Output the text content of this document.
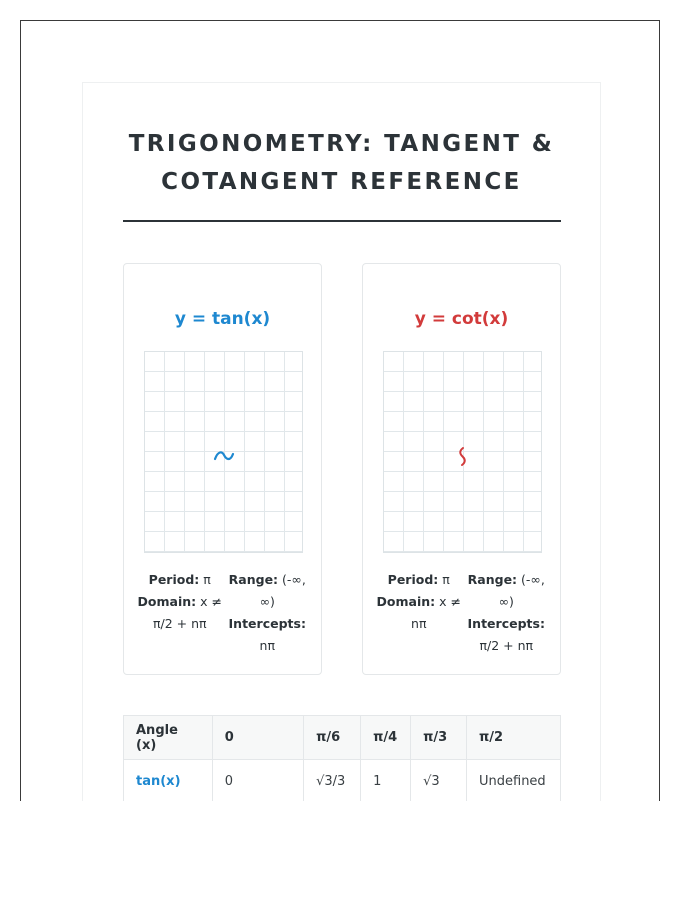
TRIGONOMETRY: TANGENT &
COTANGENT REFERENCE
y = tan(x)
Period: π
Domain: x ≠ π/2 + nπ
Range: (-∞, ∞)
Intercepts:
nπ
y = cot(x)
Period: π
Domain: x ≠ nπ
Range: (-∞, ∞)
Intercepts:
π/2 + nπ
Angle (x)	0	π/6	π/4	π/3	π/2
tan(x)	0	√3/3	1	√3	Undefined
